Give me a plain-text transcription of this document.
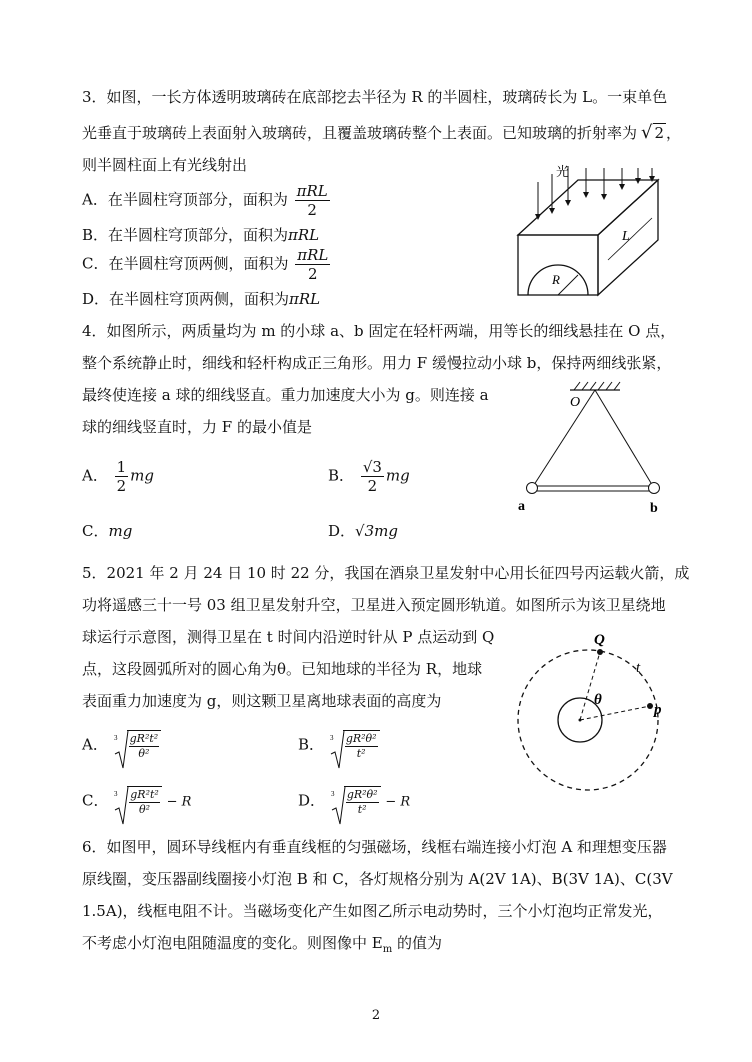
3．如图，一长方体透明玻璃砖在底部挖去半径为 R 的半圆柱，玻璃砖长为 L。一束单色
光垂直于玻璃砖上表面射入玻璃砖，且覆盖玻璃砖整个上表面。已知玻璃的折射率为 √ 2 ，
则半圆柱面上有光线射出
A．在半圆柱穹顶部分，面积为 $\frac{\text{πRL}}{2}$
B．在半圆柱穹顶部分，面积为πRL
C．在半圆柱穹顶两侧，面积为 $\frac{\text{πRL}}{2}$
D．在半圆柱穹顶两侧，面积为πRL
R
L
光
4．如图所示，两质量均为 m 的小球 a、b 固定在轻杆两端，用等长的细线悬挂在 O 点，
整个系统静止时，细线和轻杆构成正三角形。用力 F 缓慢拉动小球 b，保持两细线张紧，
最终使连接 a 球的细线竖直。重力加速度大小为 g。则连接 a
球的细线竖直时，力 F 的最小值是
A． $\frac{1}{2}$ mg	B． $\frac{√3}{2}$ mg
C．mg	D．√3mg
O
a	b
5．2021 年 2 月 24 日 10 时 22 分，我国在酒泉卫星发射中心用长征四号丙运载火箭，成
功将遥感三十一号 03 组卫星发射升空，卫星进入预定圆形轨道。如图所示为该卫星绕地
球运行示意图，测得卫星在 t 时间内沿逆时针从 P 点运动到 Q
点，这段圆弧所对的圆心角为θ。已知地球的半径为 R，地球
表面重力加速度为 g，则这颗卫星离地球表面的高度为
A． $3 \frac{\text{gR²t²}}{\text{θ²}}$	B． $3 \frac{\text{gR²θ²}}{\text{t²}}$
C． $3 \frac{\text{gR²t²}}{\text{θ²}} - R$	D． $3 \frac{\text{gR²θ²}}{\text{t²}} - R$
Q
t
θ
p
6．如图甲，圆环导线框内有垂直线框的匀强磁场，线框右端连接小灯泡 A 和理想变压器
原线圈，变压器副线圈接小灯泡 B 和 C，各灯规格分别为 A(2V 1A)、B(3V 1A)、C(3V
1.5A)，线框电阻不计。当磁场变化产生如图乙所示电动势时，三个小灯泡均正常发光，
不考虑小灯泡电阻随温度的变化。则图像中 $E_m$ 的值为
2
